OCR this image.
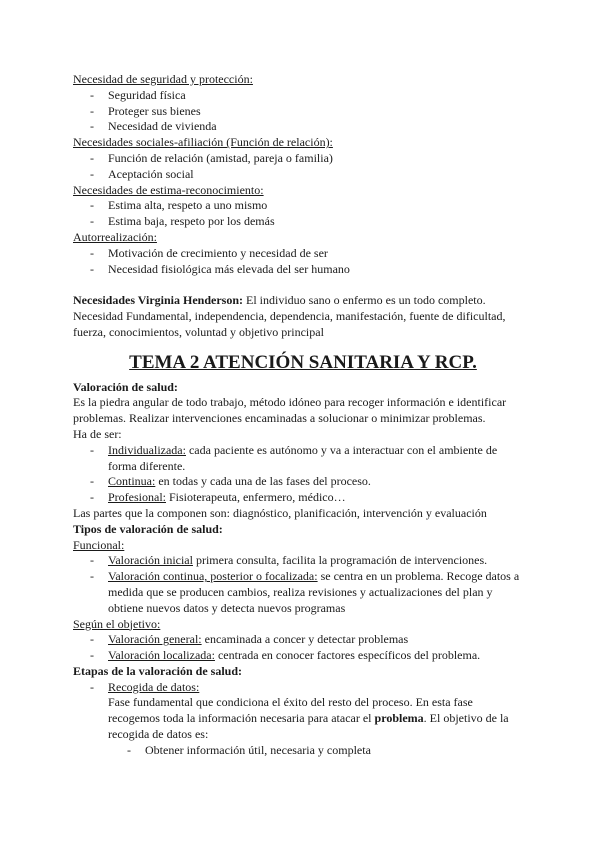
Necesidad de seguridad y protección:
- Seguridad física
- Proteger sus bienes
- Necesidad de vivienda
Necesidades sociales-afiliación (Función de relación):
- Función de relación (amistad, pareja o familia)
- Aceptación social
Necesidades de estima-reconocimiento:
- Estima alta, respeto a uno mismo
- Estima baja, respeto por los demás
Autorrealización:
- Motivación de crecimiento y necesidad de ser
- Necesidad fisiológica más elevada del ser humano
Necesidades Virginia Henderson: El individuo sano o enfermo es un todo completo.
Necesidad Fundamental, independencia, dependencia, manifestación, fuente de dificultad,
fuerza, conocimientos, voluntad y objetivo principal
TEMA 2 ATENCIÓN SANITARIA Y RCP.
Valoración de salud:
Es la piedra angular de todo trabajo, método idóneo para recoger información e identificar
problemas. Realizar intervenciones encaminadas a solucionar o minimizar problemas.
Ha de ser:
- Individualizada: cada paciente es autónomo y va a interactuar con el ambiente de
forma diferente.
- Continua: en todas y cada una de las fases del proceso.
- Profesional: Fisioterapeuta, enfermero, médico…
Las partes que la componen son: diagnóstico, planificación, intervención y evaluación
Tipos de valoración de salud:
Funcional:
- Valoración inicial primera consulta, facilita la programación de intervenciones.
- Valoración continua, posterior o focalizada: se centra en un problema. Recoge datos a
medida que se producen cambios, realiza revisiones y actualizaciones del plan y
obtiene nuevos datos y detecta nuevos programas
Según el objetivo:
- Valoración general: encaminada a concer y detectar problemas
- Valoración localizada: centrada en conocer factores específicos del problema.
Etapas de la valoración de salud:
- Recogida de datos:
Fase fundamental que condiciona el éxito del resto del proceso. En esta fase
recogemos toda la información necesaria para atacar el problema. El objetivo de la
recogida de datos es:
- Obtener información útil, necesaria y completa
